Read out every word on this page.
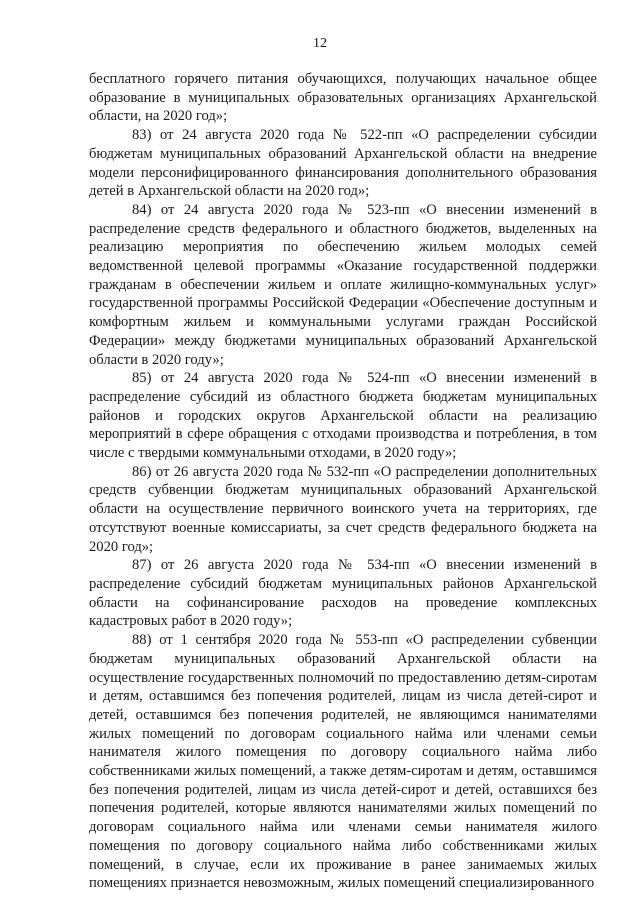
12

бесплатного горячего питания обучающихся, получающих начальное общее образование в муниципальных образовательных организациях Архангельской области, на 2020 год»;

83) от 24 августа 2020 года № 522-пп «О распределении субсидии бюджетам муниципальных образований Архангельской области на внедрение модели персонифицированного финансирования дополнительного образования детей в Архангельской области на 2020 год»;

84) от 24 августа 2020 года № 523-пп «О внесении изменений в распределение средств федерального и областного бюджетов, выделенных на реализацию мероприятия по обеспечению жильем молодых семей ведомственной целевой программы «Оказание государственной поддержки гражданам в обеспечении жильем и оплате жилищно-коммунальных услуг» государственной программы Российской Федерации «Обеспечение доступным и комфортным жильем и коммунальными услугами граждан Российской Федерации» между бюджетами муниципальных образований Архангельской области в 2020 году»;

85) от 24 августа 2020 года № 524-пп «О внесении изменений в распределение субсидий из областного бюджета бюджетам муниципальных районов и городских округов Архангельской области на реализацию мероприятий в сфере обращения с отходами производства и потребления, в том числе с твердыми коммунальными отходами, в 2020 году»;

86) от 26 августа 2020 года № 532-пп «О распределении дополнительных средств субвенции бюджетам муниципальных образований Архангельской области на осуществление первичного воинского учета на территориях, где отсутствуют военные комиссариаты, за счет средств федерального бюджета на 2020 год»;

87) от 26 августа 2020 года № 534-пп «О внесении изменений в распределение субсидий бюджетам муниципальных районов Архангельской области на софинансирование расходов на проведение комплексных кадастровых работ в 2020 году»;

88) от 1 сентября 2020 года № 553-пп «О распределении субвенции бюджетам муниципальных образований Архангельской области на осуществление государственных полномочий по предоставлению детям-сиротам и детям, оставшимся без попечения родителей, лицам из числа детей-сирот и детей, оставшимся без попечения родителей, не являющимся нанимателями жилых помещений по договорам социального найма или членами семьи нанимателя жилого помещения по договору социального найма либо собственниками жилых помещений, а также детям-сиротам и детям, оставшимся без попечения родителей, лицам из числа детей-сирот и детей, оставшихся без попечения родителей, которые являются нанимателями жилых помещений по договорам социального найма или членами семьи нанимателя жилого помещения по договору социального найма либо собственниками жилых помещений, в случае, если их проживание в ранее занимаемых жилых помещениях признается невозможным, жилых помещений специализированного
